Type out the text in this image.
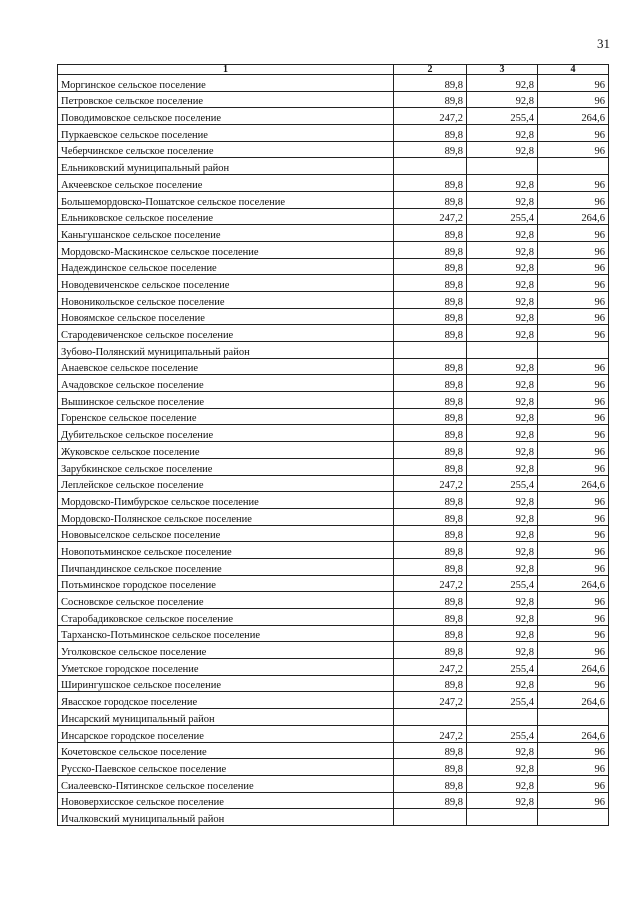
31
1	2	3	4
Моргинское сельское поселение	89,8	92,8	96
Петровское сельское поселение	89,8	92,8	96
Поводимовское сельское поселение	247,2	255,4	264,6
Пуркаевское сельское поселение	89,8	92,8	96
Чеберчинское сельское поселение	89,8	92,8	96
Ельниковский муниципальный район			
Акчеевское сельское поселение	89,8	92,8	96
Большемордовско-Пошатское сельское поселение	89,8	92,8	96
Ельниковское сельское поселение	247,2	255,4	264,6
Каньгушанское сельское поселение	89,8	92,8	96
Мордовско-Маскинское сельское поселение	89,8	92,8	96
Надеждинское сельское поселение	89,8	92,8	96
Новодевиченское сельское поселение	89,8	92,8	96
Новоникольское сельское поселение	89,8	92,8	96
Новоямское сельское поселение	89,8	92,8	96
Стародевиченское сельское поселение	89,8	92,8	96
Зубово-Полянский муниципальный район			
Анаевское сельское поселение	89,8	92,8	96
Ачадовское сельское поселение	89,8	92,8	96
Вышинское сельское поселение	89,8	92,8	96
Горенское сельское поселение	89,8	92,8	96
Дубительское сельское поселение	89,8	92,8	96
Жуковское сельское поселение	89,8	92,8	96
Зарубкинское сельское поселение	89,8	92,8	96
Леплейское сельское поселение	247,2	255,4	264,6
Мордовско-Пимбурское сельское поселение	89,8	92,8	96
Мордовско-Полянское сельское поселение	89,8	92,8	96
Нововыселское сельское поселение	89,8	92,8	96
Новопотьминское сельское поселение	89,8	92,8	96
Пичпандинское сельское поселение	89,8	92,8	96
Потьминское городское поселение	247,2	255,4	264,6
Сосновское сельское поселение	89,8	92,8	96
Старобадиковское сельское поселение	89,8	92,8	96
Тарханско-Потьминское сельское поселение	89,8	92,8	96
Уголковское сельское поселение	89,8	92,8	96
Уметское городское поселение	247,2	255,4	264,6
Ширингушское сельское поселение	89,8	92,8	96
Явасское городское поселение	247,2	255,4	264,6
Инсарский муниципальный район			
Инсарское городское поселение	247,2	255,4	264,6
Кочетовское сельское поселение	89,8	92,8	96
Русско-Паевское сельское поселение	89,8	92,8	96
Сиалеевско-Пятинское сельское поселение	89,8	92,8	96
Нововерхисское сельское поселение	89,8	92,8	96
Ичалковский муниципальный район			
